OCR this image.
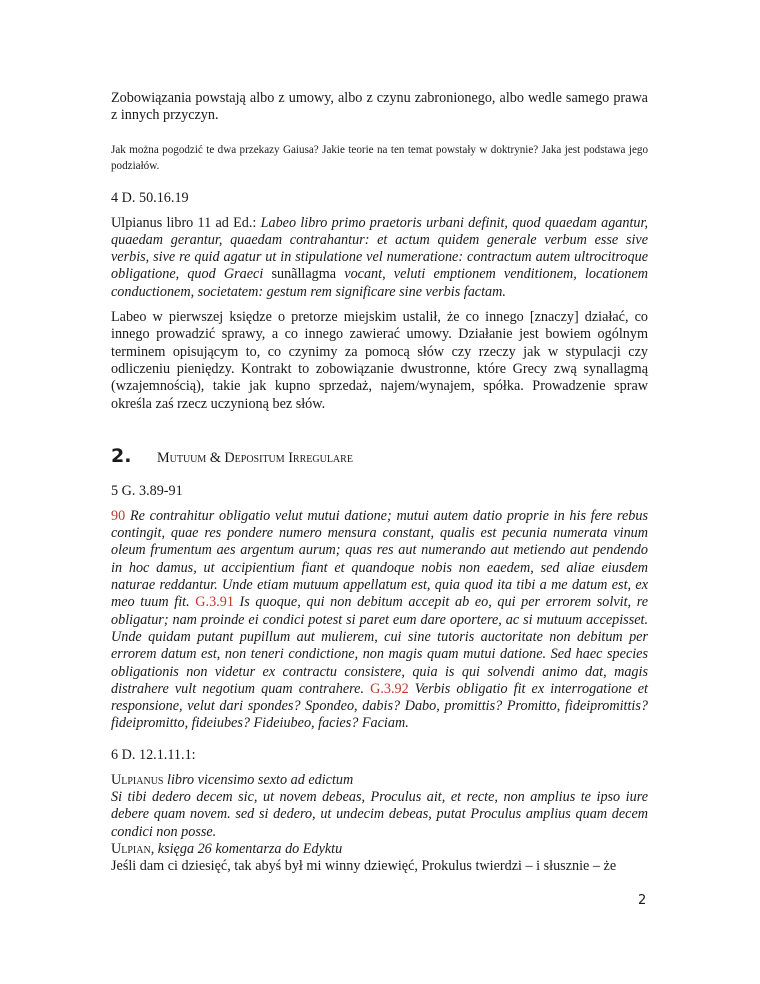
Zobowiązania powstają albo z umowy, albo z czynu zabronionego, albo wedle samego prawa z innych przyczyn.

Jak można pogodzić te dwa przekazy Gaiusa? Jakie teorie na ten temat powstały w doktrynie? Jaka jest podstawa jego podziałów.

4 D. 50.16.19

Ulpianus libro 11 ad Ed.: Labeo libro primo praetoris urbani definit, quod quaedam agantur, quaedam gerantur, quaedam contrahantur: et actum quidem generale verbum esse sive verbis, sive re quid agatur ut in stipulatione vel numeratione: contractum autem ultrocitroque obligatione, quod Graeci sunãllagma vocant, veluti emptionem venditionem, locationem conductionem, societatem: gestum rem significare sine verbis factam.

Labeo w pierwszej księdze o pretorze miejskim ustalił, że co innego [znaczy] działać, co innego prowadzić sprawy, a co innego zawierać umowy. Działanie jest bowiem ogólnym terminem opisującym to, co czynimy za pomocą słów czy rzeczy jak w stypulacji czy odliczeniu pieniędzy. Kontrakt to zobowiązanie dwustronne, które Grecy zwą synallagmą (wzajemnością), takie jak kupno sprzedaż, najem/wynajem, spółka. Prowadzenie spraw określa zaś rzecz uczynioną bez słów.

2.	Mutuum & Depositum Irregulare

5 G. 3.89-91

90 Re contrahitur obligatio velut mutui datione; mutui autem datio proprie in his fere rebus contingit, quae res pondere numero mensura constant, qualis est pecunia numerata vinum oleum frumentum aes argentum aurum; quas res aut numerando aut metiendo aut pendendo in hoc damus, ut accipientium fiant et quandoque nobis non eaedem, sed aliae eiusdem naturae reddantur. Unde etiam mutuum appellatum est, quia quod ita tibi a me datum est, ex meo tuum fit. G.3.91 Is quoque, qui non debitum accepit ab eo, qui per errorem solvit, re obligatur; nam proinde ei condici potest si paret eum dare oportere, ac si mutuum accepisset. Unde quidam putant pupillum aut mulierem, cui sine tutoris auctoritate non debitum per errorem datum est, non teneri condictione, non magis quam mutui datione. Sed haec species obligationis non videtur ex contractu consistere, quia is qui solvendi animo dat, magis distrahere vult negotium quam contrahere. G.3.92 Verbis obligatio fit ex interrogatione et responsione, velut dari spondes? Spondeo, dabis? Dabo, promittis? Promitto, fideipromittis? fideipromitto, fideiubes? Fideiubeo, facies? Faciam.

6 D. 12.1.11.1:

Ulpianus libro vicensimo sexto ad edictum

Si tibi dedero decem sic, ut novem debeas, Proculus ait, et recte, non amplius te ipso iure debere quam novem. sed si dedero, ut undecim debeas, putat Proculus amplius quam decem condici non posse.

Ulpian, księga 26 komentarza do Edyktu

Jeśli dam ci dziesięć, tak abyś był mi winny dziewięć, Prokulus twierdzi – i słusznie – że

2
